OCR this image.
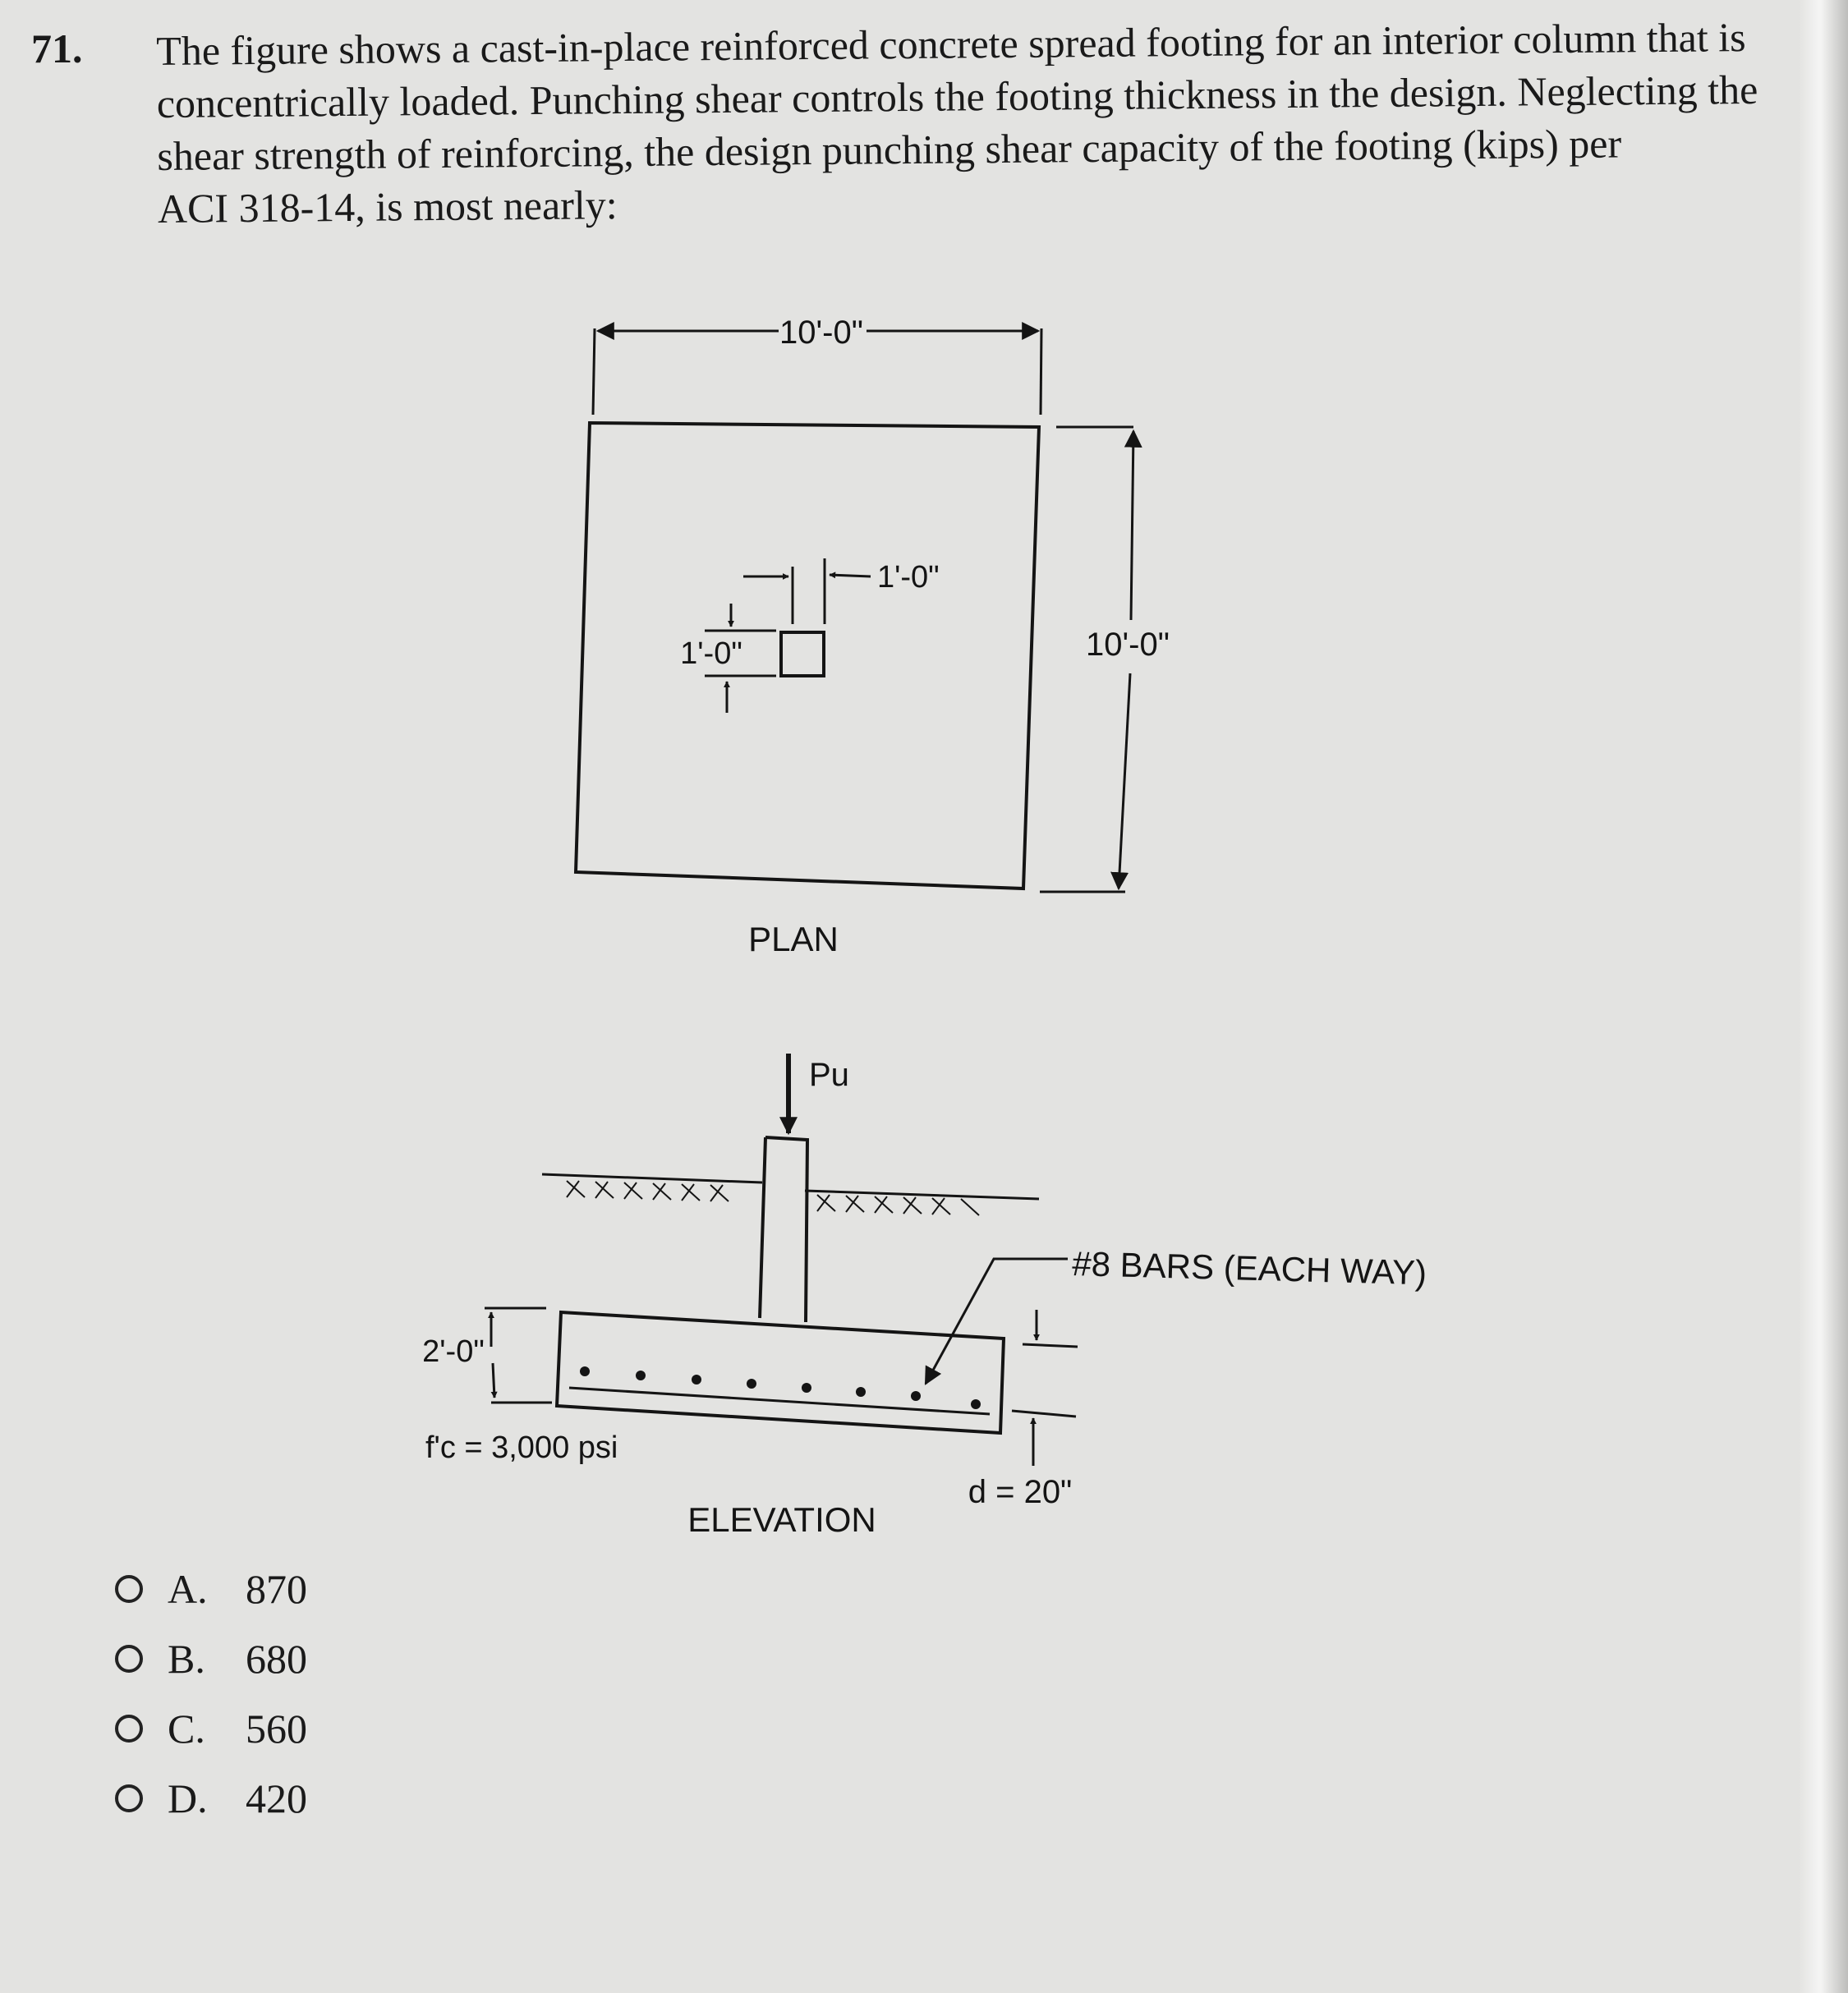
71. The figure shows a cast-in-place reinforced concrete spread footing for an interior column that is
concentrically loaded. Punching shear controls the footing thickness in the design. Neglecting the
shear strength of reinforcing, the design punching shear capacity of the footing (kips) per
ACI 318-14, is most nearly:
10'-0"
10'-0"
1'-0"
1'-0"
PLAN
Pu
#8 BARS (EACH WAY)
2'-0"
f'c = 3,000 psi
d = 20"
ELEVATION
A. 870
B. 680
C. 560
D. 420
